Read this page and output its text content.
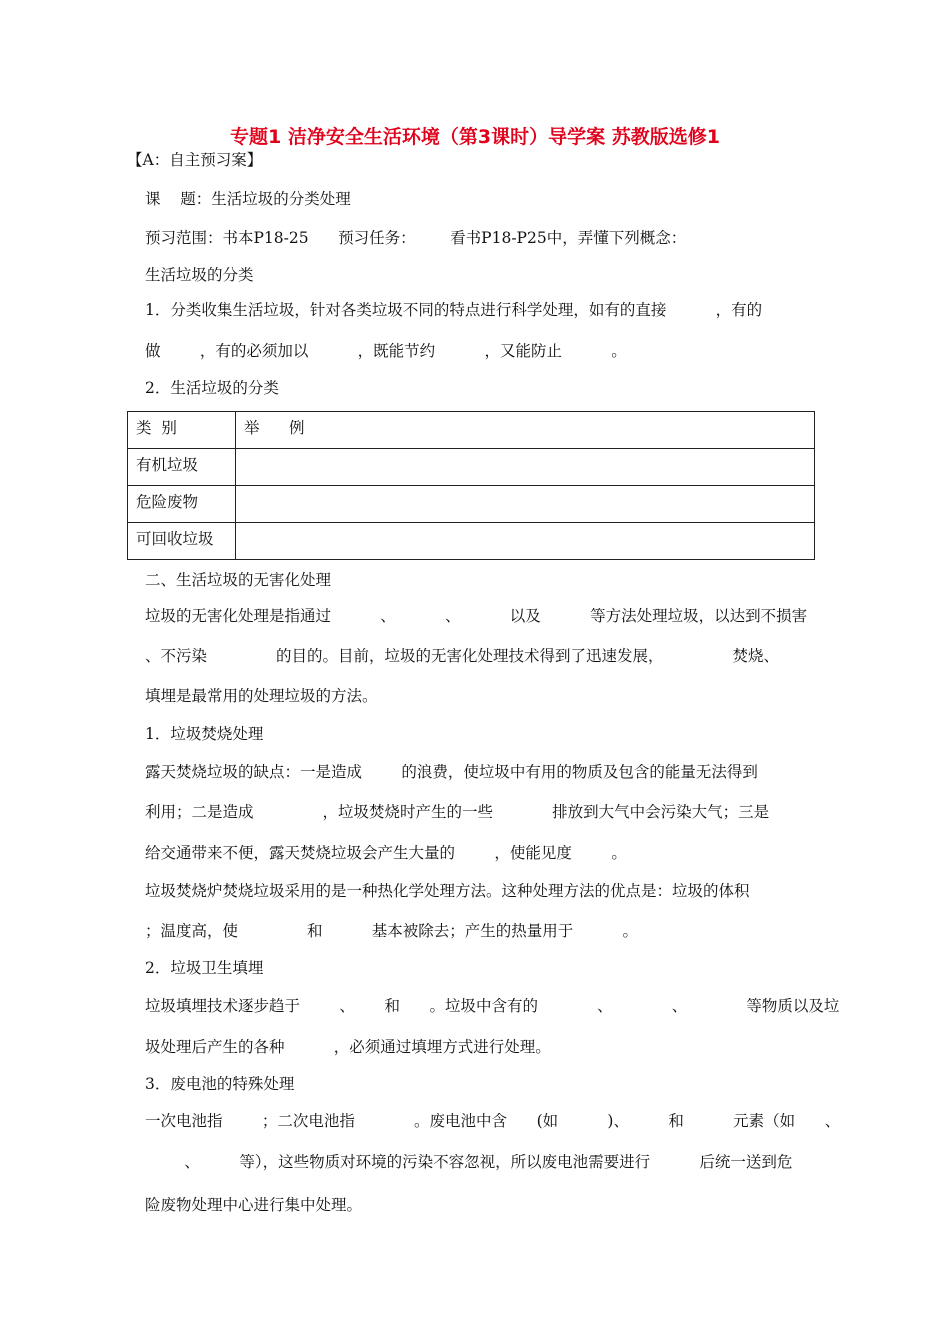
专题1 洁净安全生活环境（第3课时）导学案 苏教版选修1
【A：自主预习案】
课    题：生活垃圾的分类处理
预习范围：书本P18-25      预习任务：       看书P18-P25中，弄懂下列概念：
生活垃圾的分类
1．分类收集生活垃圾，针对各类垃圾不同的特点进行科学处理，如有的直接          ，有的
做        ，有的必须加以          ，既能节约          ，又能防止          。
2．生活垃圾的分类
类  别	举      例
有机垃圾	
危险废物	
可回收垃圾	
二、生活垃圾的无害化处理
垃圾的无害化处理是指通过          、          、          以及          等方法处理垃圾，以达到不损害
、不污染              的目的。目前，垃圾的无害化处理技术得到了迅速发展，              焚烧、
填埋是最常用的处理垃圾的方法。
1．垃圾焚烧处理
露天焚烧垃圾的缺点：一是造成        的浪费，使垃圾中有用的物质及包含的能量无法得到
利用；二是造成              ，垃圾焚烧时产生的一些            排放到大气中会污染大气；三是
给交通带来不便，露天焚烧垃圾会产生大量的        ，使能见度        。
垃圾焚烧炉焚烧垃圾采用的是一种热化学处理方法。这种处理方法的优点是：垃圾的体积
；温度高，使              和          基本被除去；产生的热量用于          。
2．垃圾卫生填埋
垃圾填埋技术逐步趋于        、      和      。垃圾中含有的            、            、            等物质以及垃
圾处理后产生的各种          ，必须通过填埋方式进行处理。
3．废电池的特殊处理
一次电池指        ；二次电池指            。废电池中含      (如          )、        和          元素（如      、
、        等），这些物质对环境的污染不容忽视，所以废电池需要进行          后统一送到危
险废物处理中心进行集中处理。
